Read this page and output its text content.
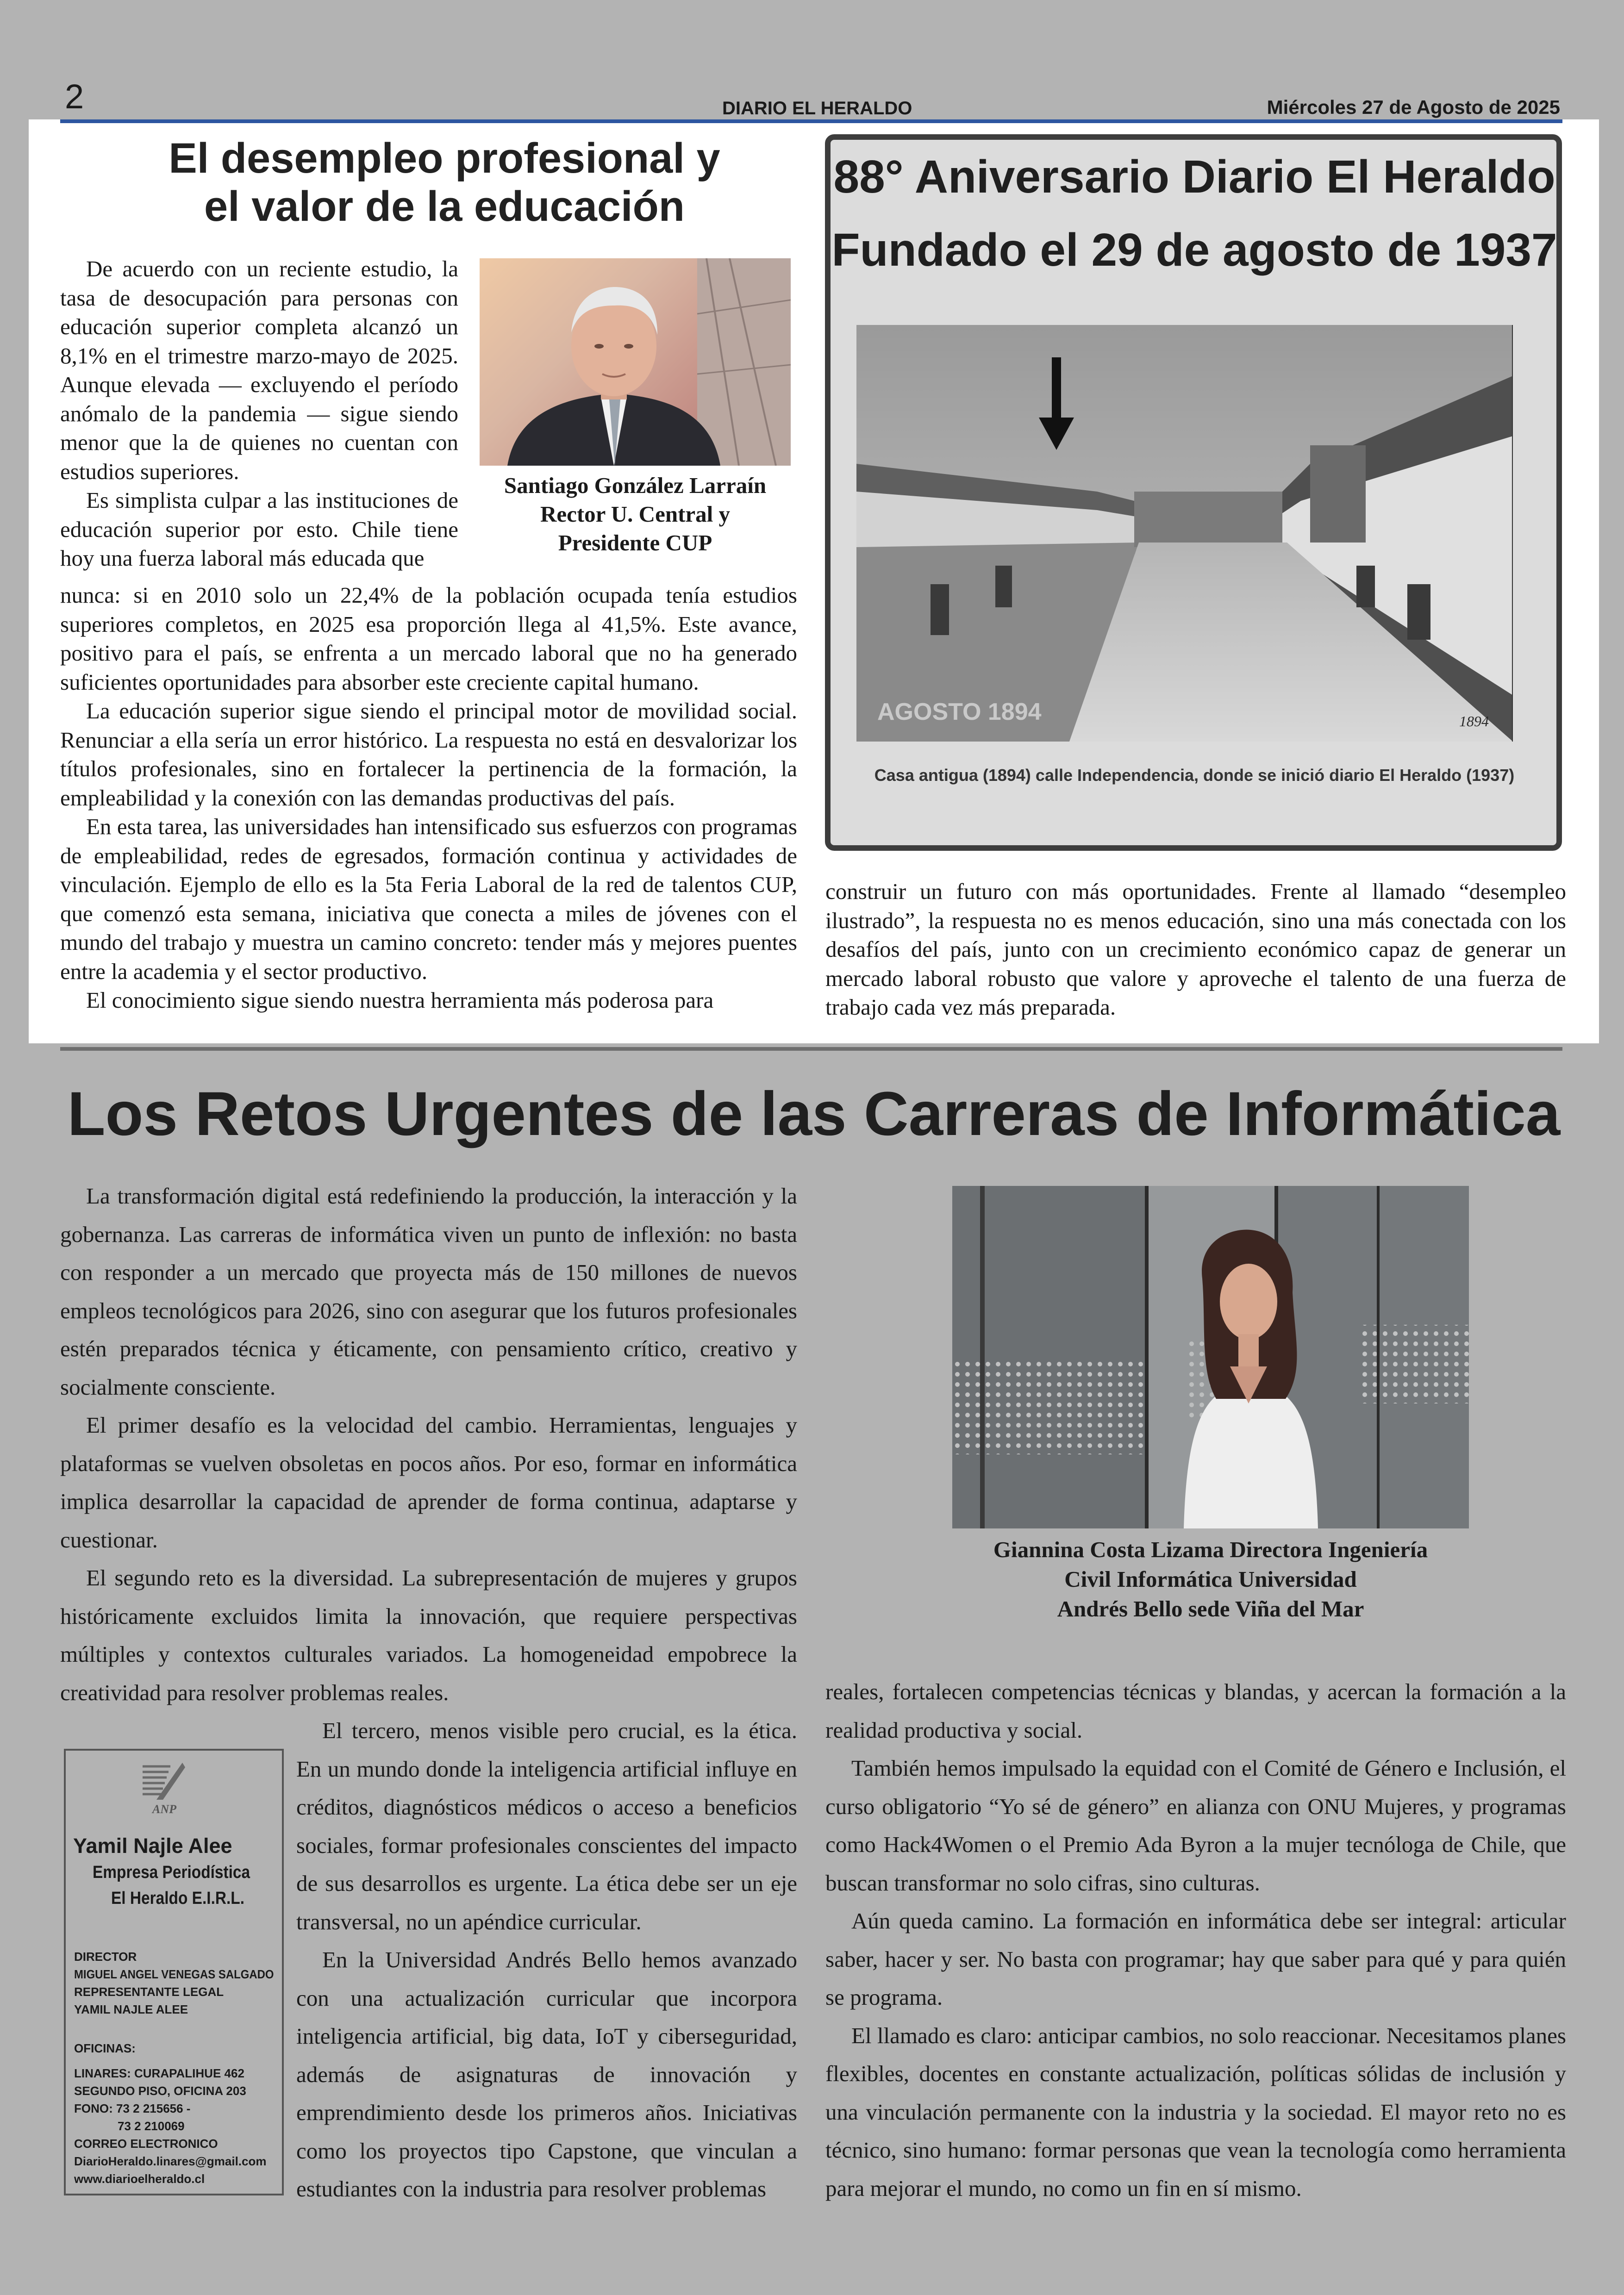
2	DIARIO EL HERALDO	Miércoles 27 de Agosto de 2025
El desempleo profesional y
el valor de la educación

De acuerdo con un reciente estudio, la tasa de desocupación para personas con educación superior completa alcanzó un 8,1% en el trimestre marzo-mayo de 2025. Aunque elevada — excluyendo el período anómalo de la pandemia — sigue siendo menor que la de quienes no cuentan con estudios superiores.

Es simplista culpar a las instituciones de educación superior por esto. Chile tiene hoy una fuerza laboral más educada que

Santiago González Larraín
Rector U. Central y
Presidente CUP

nunca: si en 2010 solo un 22,4% de la población ocupada tenía estudios superiores completos, en 2025 esa proporción llega al 41,5%. Este avance, positivo para el país, se enfrenta a un mercado laboral que no ha generado suficientes oportunidades para absorber este creciente capital humano.

La educación superior sigue siendo el principal motor de movilidad social. Renunciar a ella sería un error histórico. La respuesta no está en desvalorizar los títulos profesionales, sino en fortalecer la pertinencia de la formación, la empleabilidad y la conexión con las demandas productivas del país.

En esta tarea, las universidades han intensificado sus esfuerzos con programas de empleabilidad, redes de egresados, formación continua y actividades de vinculación. Ejemplo de ello es la 5ta Feria Laboral de la red de talentos CUP, que comenzó esta semana, iniciativa que conecta a miles de jóvenes con el mundo del trabajo y muestra un camino concreto: tender más y mejores puentes entre la academia y el sector productivo.

El conocimiento sigue siendo nuestra herramienta más poderosa para

construir un futuro con más oportunidades. Frente al llamado “desempleo ilustrado”, la respuesta no es menos educación, sino una más conectada con los desafíos del país, junto con un crecimiento económico capaz de generar un mercado laboral robusto que valore y aproveche el talento de una fuerza de trabajo cada vez más preparada.

88° Aniversario Diario El Heraldo
Fundado el 29 de agosto de 1937
AGOSTO 1894	1894
Casa antigua (1894) calle Independencia, donde se inició diario El Heraldo (1937)
Los Retos Urgentes de las Carreras de Informática

La transformación digital está redefiniendo la producción, la interacción y la gobernanza. Las carreras de informática viven un punto de inflexión: no basta con responder a un mercado que proyecta más de 150 millones de nuevos empleos tecnológicos para 2026, sino con asegurar que los futuros profesionales estén preparados técnica y éticamente, con pensamiento crítico, creativo y socialmente consciente.

El primer desafío es la velocidad del cambio. Herramientas, lenguajes y plataformas se vuelven obsoletas en pocos años. Por eso, formar en informática implica desarrollar la capacidad de aprender de forma continua, adaptarse y cuestionar.

El segundo reto es la diversidad. La subrepresentación de mujeres y grupos históricamente excluidos limita la innovación, que requiere perspectivas múltiples y contextos culturales variados. La homogeneidad empobrece la creatividad para resolver problemas reales.

El tercero, menos visible pero crucial, es la ética. En un mundo donde la inteligencia artificial influye en créditos, diagnósticos médicos o acceso a beneficios sociales, formar profesionales conscientes del impacto de sus desarrollos es urgente. La ética debe ser un eje transversal, no un apéndice curricular.

En la Universidad Andrés Bello hemos avanzado con una actualización curricular que incorpora inteligencia artificial, big data, IoT y ciberseguridad, además de asignaturas de innovación y emprendimiento desde los primeros años. Iniciativas como los proyectos tipo Capstone, que vinculan a estudiantes con la industria para resolver problemas

Giannina Costa Lizama Directora Ingeniería
Civil Informática Universidad
Andrés Bello sede Viña del Mar

reales, fortalecen competencias técnicas y blandas, y acercan la formación a la realidad productiva y social.

También hemos impulsado la equidad con el Comité de Género e Inclusión, el curso obligatorio “Yo sé de género” en alianza con ONU Mujeres, y programas como Hack4Women o el Premio Ada Byron a la mujer tecnóloga de Chile, que buscan transformar no solo cifras, sino culturas.

Aún queda camino. La formación en informática debe ser integral: articular saber, hacer y ser. No basta con programar; hay que saber para qué y para quién se programa.

El llamado es claro: anticipar cambios, no solo reaccionar. Necesitamos planes flexibles, docentes en constante actualización, políticas sólidas de inclusión y una vinculación permanente con la industria y la sociedad. El mayor reto no es técnico, sino humano: formar personas que vean la tecnología como herramienta para mejorar el mundo, no como un fin en sí mismo.

ANP
Yamil Najle Alee
Empresa Periodística
El Heraldo E.I.R.L.
DIRECTOR
MIGUEL ANGEL VENEGAS SALGADO
REPRESENTANTE LEGAL
YAMIL NAJLE ALEE
OFICINAS:
LINARES: CURAPALIHUE 462
SEGUNDO PISO, OFICINA 203
FONO: 73 2 215656 -
73 2 210069
CORREO ELECTRONICO
DiarioHeraldo.linares@gmail.com
www.diarioelheraldo.cl
